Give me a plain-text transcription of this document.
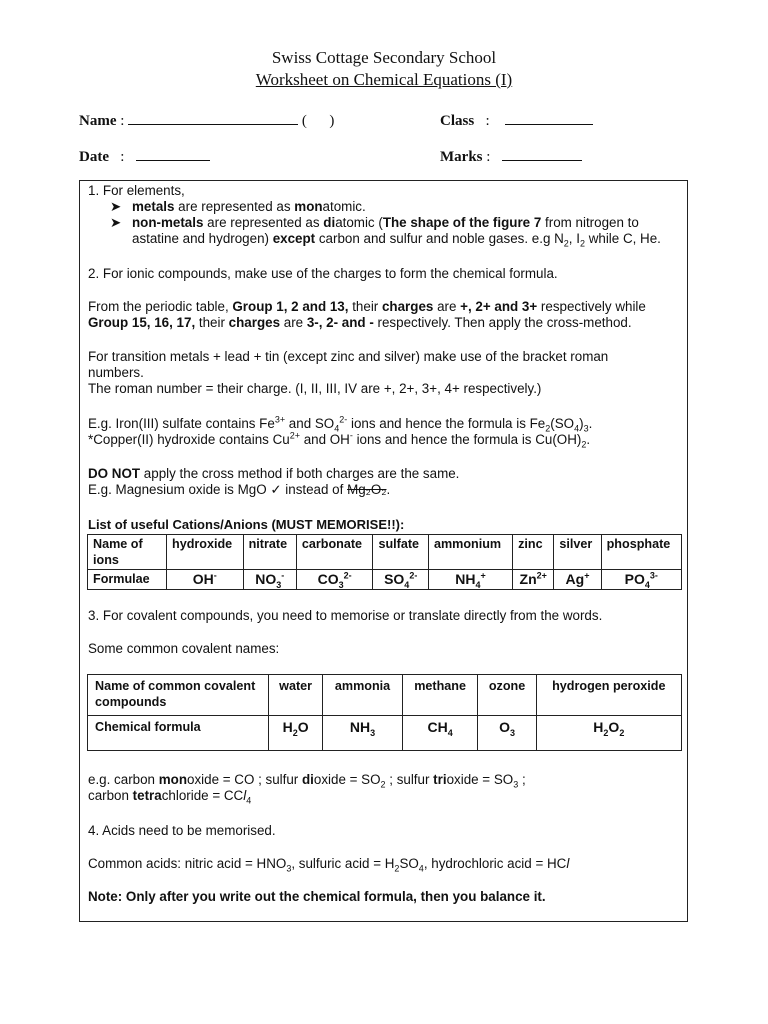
Swiss Cottage Secondary School
Worksheet on Chemical Equations (I)
Name :	(      )	Class :
Date :	Marks :
1. For elements,
➤ metals are represented as monatomic.
➤ non-metals are represented as diatomic (The shape of the figure 7 from nitrogen to
astatine and hydrogen) except carbon and sulfur and noble gases. e.g $N_2$, $I_2$ while C, He.
2. For ionic compounds, make use of the charges to form the chemical formula.
From the periodic table, Group 1, 2 and 13, their charges are +, 2+ and 3+ respectively while
Group 15, 16, 17, their charges are 3-, 2- and - respectively. Then apply the cross-method.
For transition metals + lead + tin (except zinc and silver) make use of the bracket roman
numbers.
The roman number = their charge. (I, II, III, IV are +, 2+, 3+, 4+ respectively.)
E.g. Iron(III) sulfate contains $Fe^{3+}$ and $SO_4^{2-}$ ions and hence the formula is $Fe_2(SO_4)_3$.
*Copper(II) hydroxide contains $Cu^{2+}$ and OH- ions and hence the formula is $Cu(OH)_2$.
DO NOT apply the cross method if both charges are the same.
E.g. Magnesium oxide is MgO ✓ instead of Mg₂O₂.
List of useful Cations/Anions (MUST MEMORISE!!):
Name of ions	hydroxide	nitrate	carbonate	sulfate	ammonium	zinc	silver	phosphate
Formulae	OH-	$NO_3^-$	$CO_3^{2-}$	$SO_4^{2-}$	$NH_4^+$	$Zn^{2+}$	Ag+	$PO_4^{3-}$
3. For covalent compounds, you need to memorise or translate directly from the words.
Some common covalent names:
Name of common covalent compounds	water	ammonia	methane	ozone	hydrogen peroxide
Chemical formula	$H_2O$	$NH_3$	$CH_4$	$O_3$	$H_2O_2$
e.g. carbon monoxide = CO ; sulfur dioxide = $SO_2$ ; sulfur trioxide = $SO_3$ ;
carbon tetrachloride = CCl$_4$
4. Acids need to be memorised.
Common acids: nitric acid = $HNO_3$, sulfuric acid = $H_2SO_4$, hydrochloric acid = HCl
Note: Only after you write out the chemical formula, then you balance it.
